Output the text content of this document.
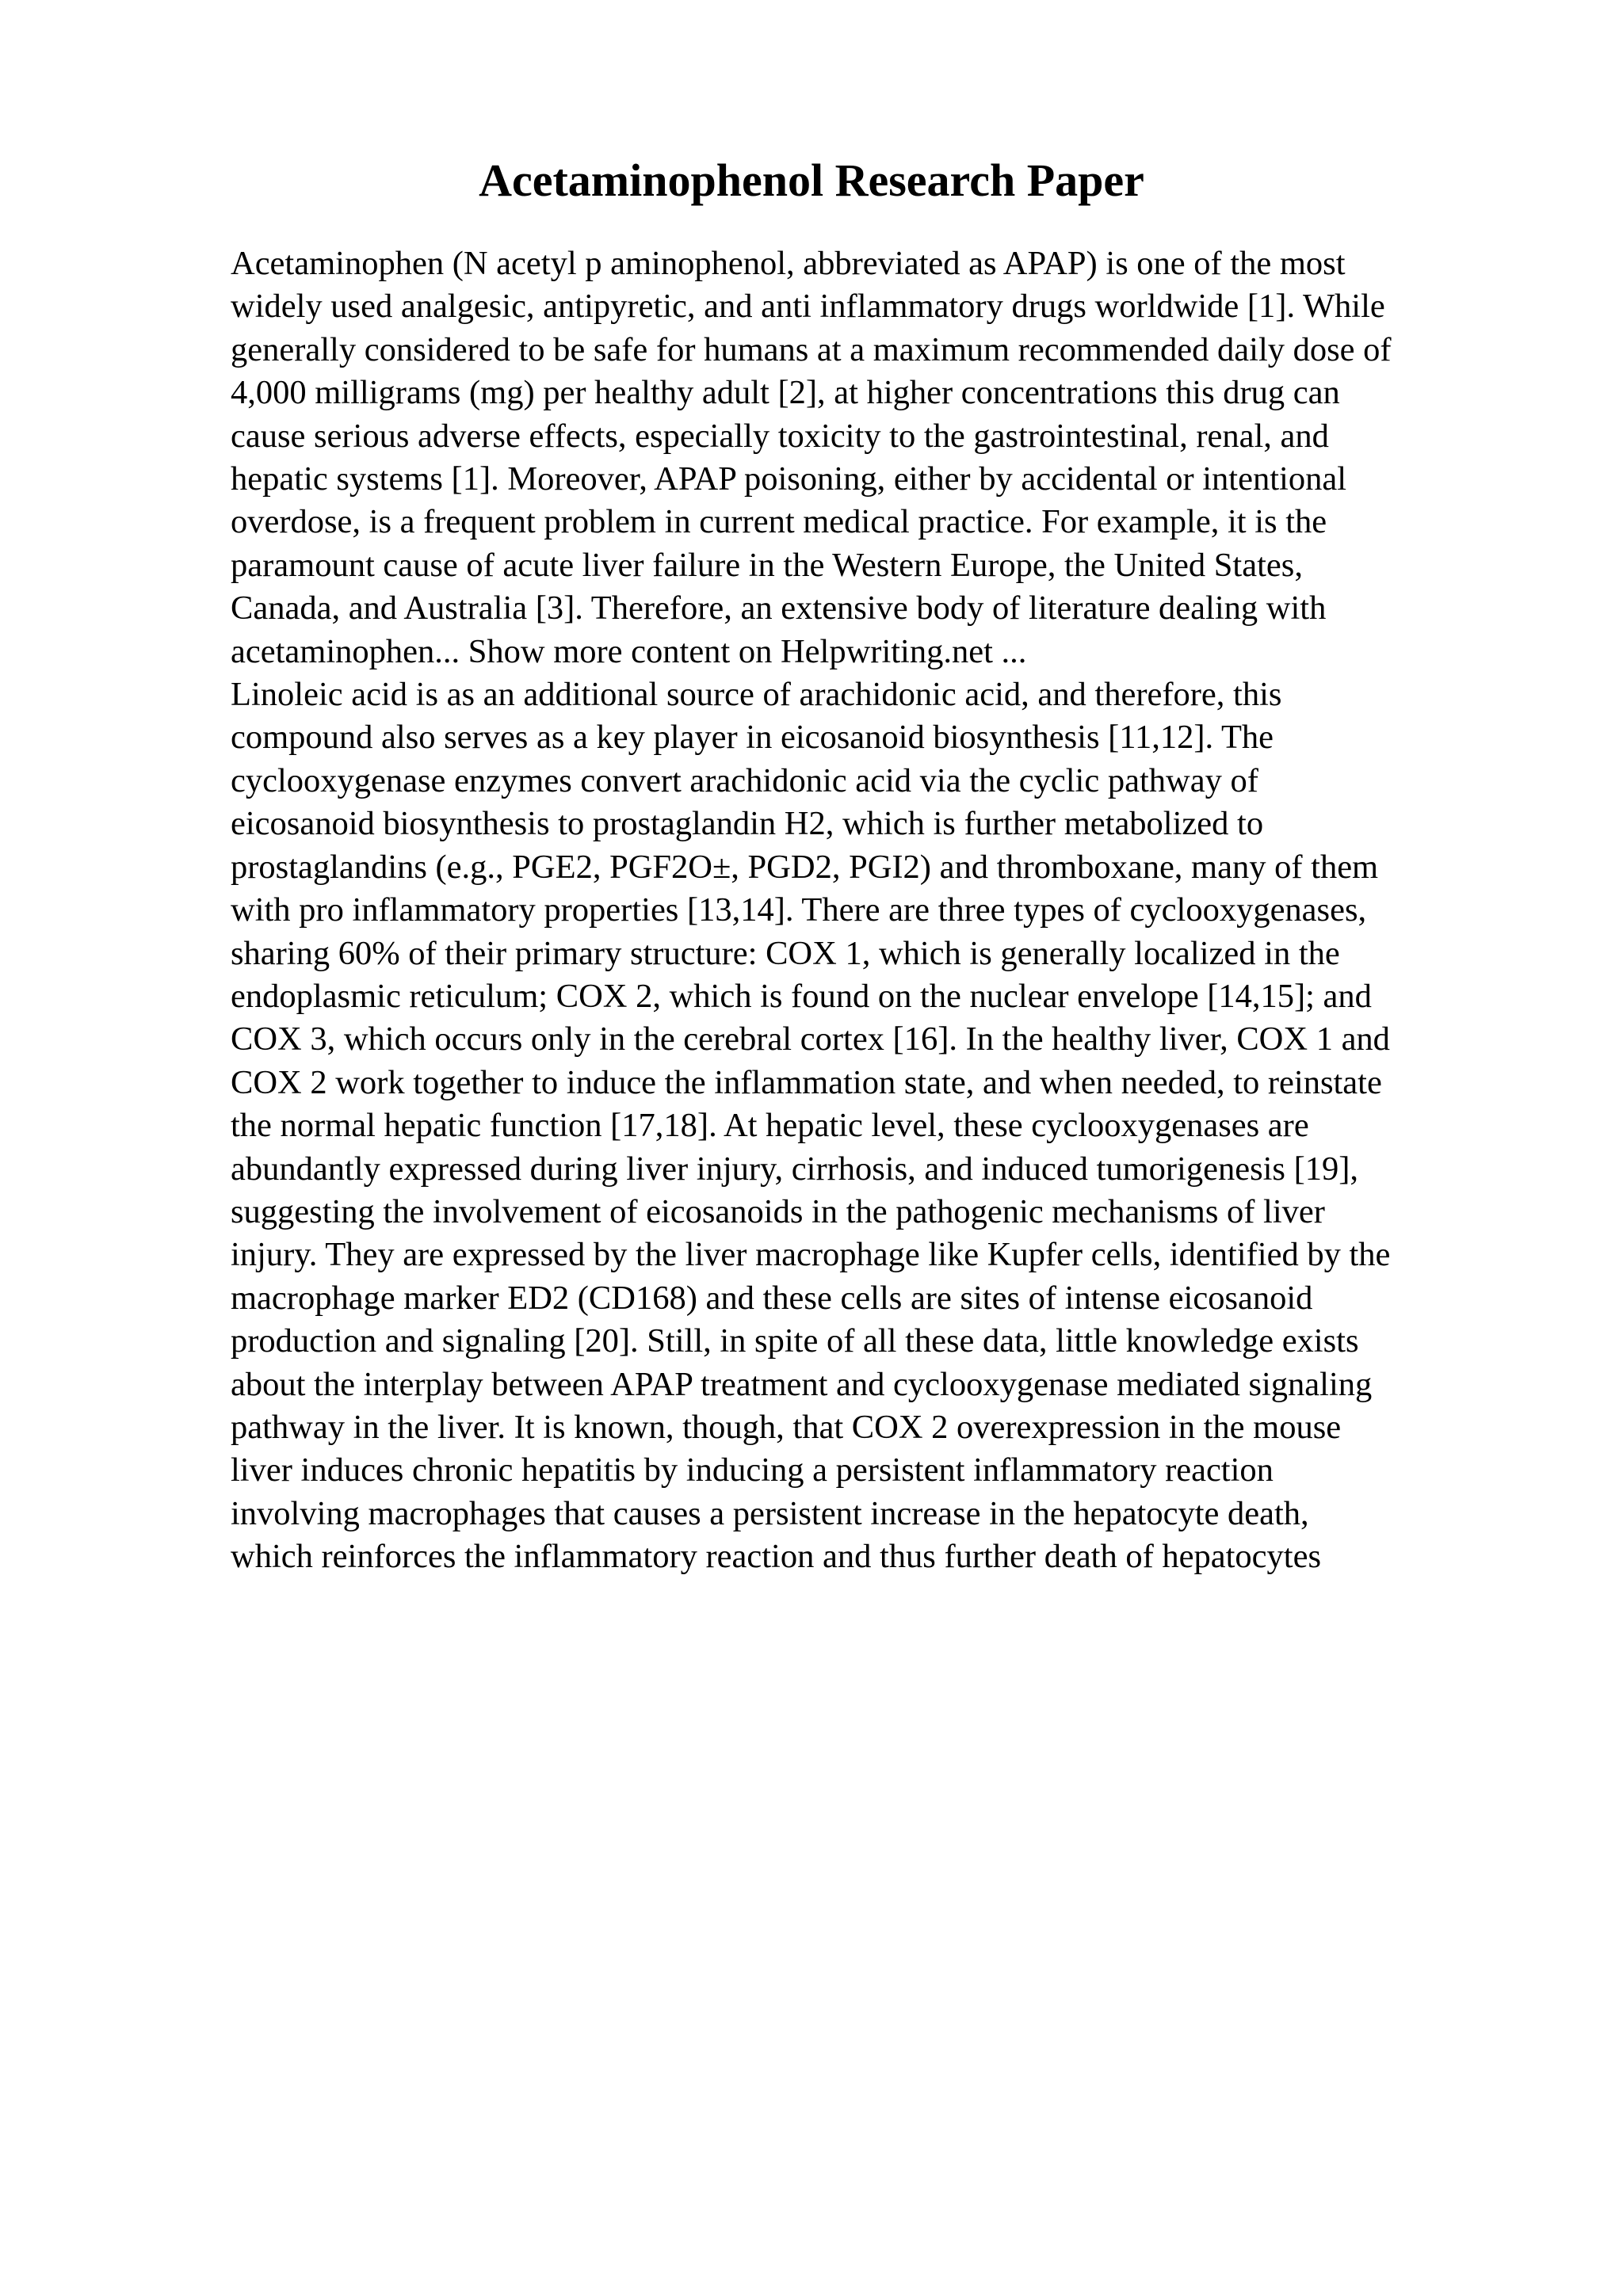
Acetaminophenol Research Paper
Acetaminophen (N acetyl p aminophenol, abbreviated as APAP) is one of the most
widely used analgesic, antipyretic, and anti inflammatory drugs worldwide [1]. While
generally considered to be safe for humans at a maximum recommended daily dose of
4,000 milligrams (mg) per healthy adult [2], at higher concentrations this drug can
cause serious adverse effects, especially toxicity to the gastrointestinal, renal, and
hepatic systems [1]. Moreover, APAP poisoning, either by accidental or intentional
overdose, is a frequent problem in current medical practice. For example, it is the
paramount cause of acute liver failure in the Western Europe, the United States,
Canada, and Australia [3]. Therefore, an extensive body of literature dealing with
acetaminophen... Show more content on Helpwriting.net ...
Linoleic acid is as an additional source of arachidonic acid, and therefore, this
compound also serves as a key player in eicosanoid biosynthesis [11,12]. The
cyclooxygenase enzymes convert arachidonic acid via the cyclic pathway of
eicosanoid biosynthesis to prostaglandin H2, which is further metabolized to
prostaglandins (e.g., PGE2, PGF2O±, PGD2, PGI2) and thromboxane, many of them
with pro inflammatory properties [13,14]. There are three types of cyclooxygenases,
sharing 60% of their primary structure: COX 1, which is generally localized in the
endoplasmic reticulum; COX 2, which is found on the nuclear envelope [14,15]; and
COX 3, which occurs only in the cerebral cortex [16]. In the healthy liver, COX 1 and
COX 2 work together to induce the inflammation state, and when needed, to reinstate
the normal hepatic function [17,18]. At hepatic level, these cyclooxygenases are
abundantly expressed during liver injury, cirrhosis, and induced tumorigenesis [19],
suggesting the involvement of eicosanoids in the pathogenic mechanisms of liver
injury. They are expressed by the liver macrophage like Kupfer cells, identified by the
macrophage marker ED2 (CD168) and these cells are sites of intense eicosanoid
production and signaling [20]. Still, in spite of all these data, little knowledge exists
about the interplay between APAP treatment and cyclooxygenase mediated signaling
pathway in the liver. It is known, though, that COX 2 overexpression in the mouse
liver induces chronic hepatitis by inducing a persistent inflammatory reaction
involving macrophages that causes a persistent increase in the hepatocyte death,
which reinforces the inflammatory reaction and thus further death of hepatocytes
